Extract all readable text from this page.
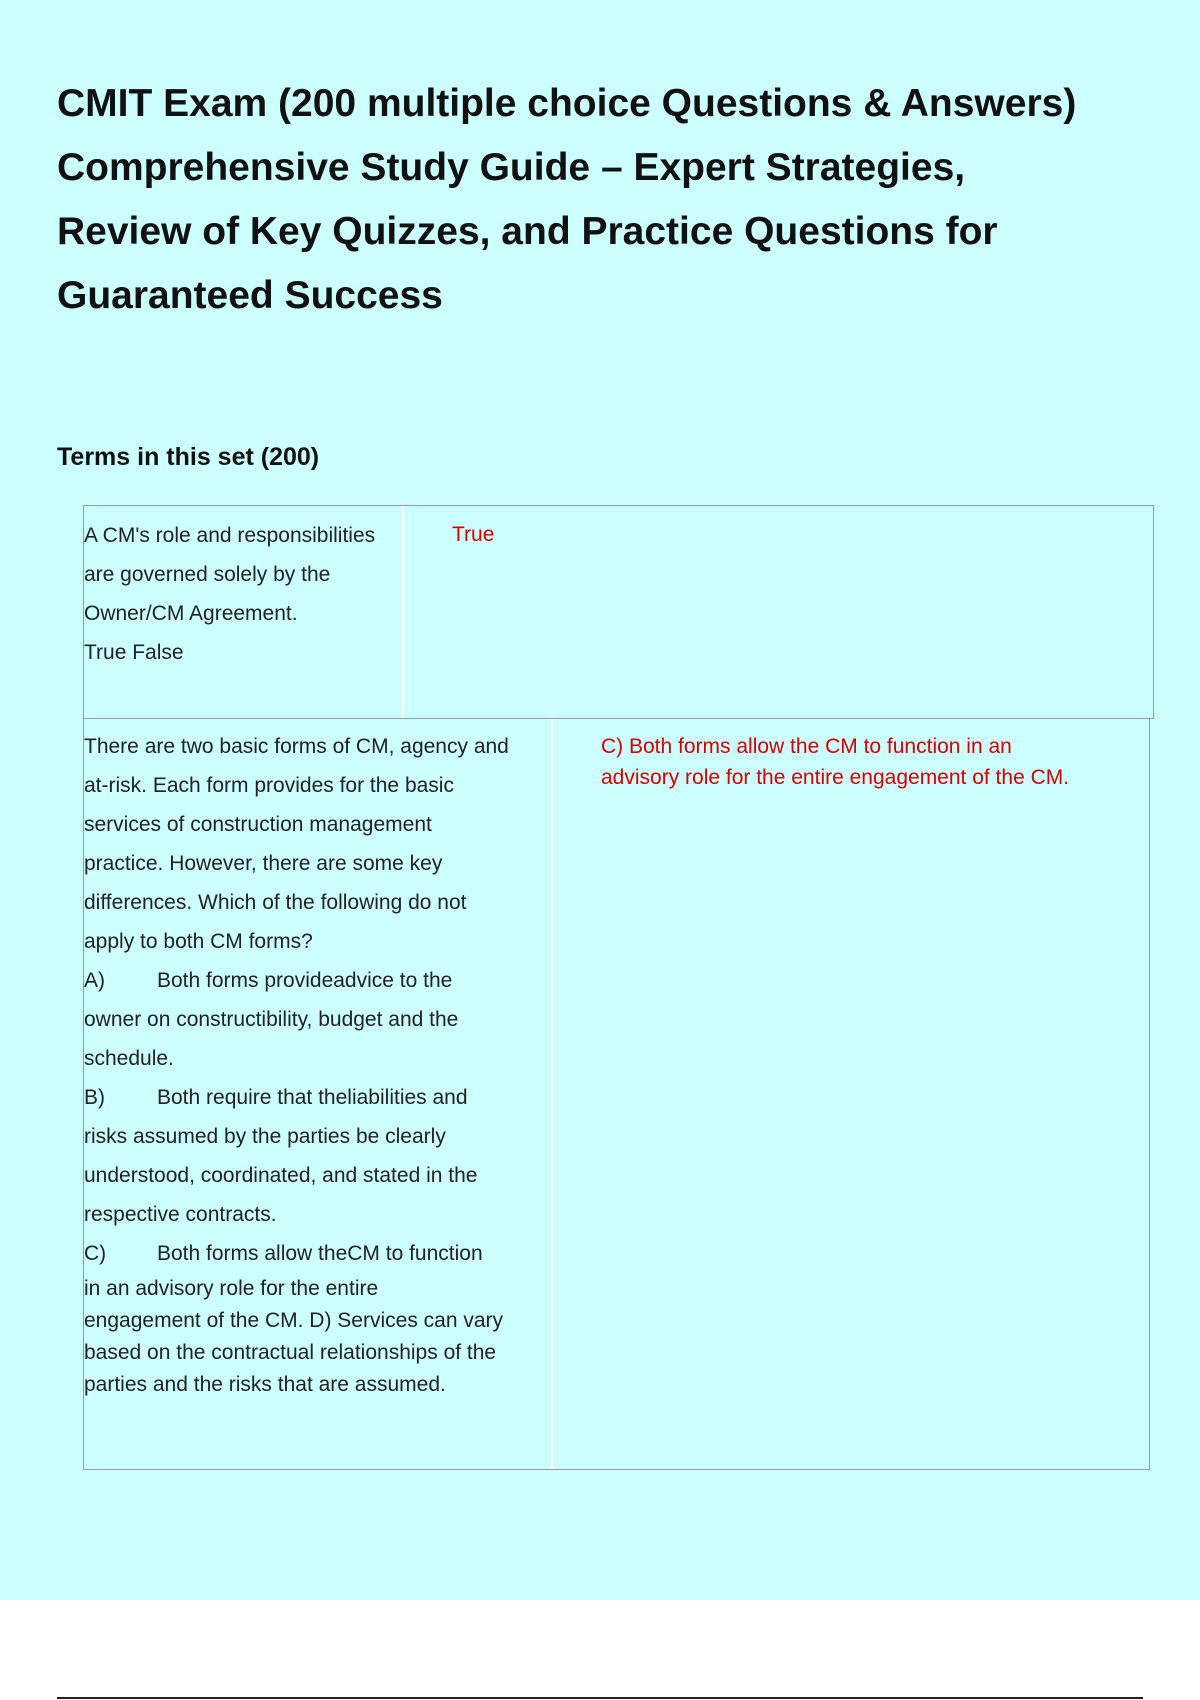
CMIT Exam (200 multiple choice Questions & Answers) Comprehensive Study Guide – Expert Strategies, Review of Key Quizzes, and Practice Questions for Guaranteed Success
Terms in this set (200)
A CM's role and responsibilities
are governed solely by the
Owner/CM Agreement.
True False
True
There are two basic forms of CM, agency and
at-risk. Each form provides for the basic
services of construction management
practice. However, there are some key
differences. Which of the following do not
apply to both CM forms?
A) Both forms provideadvice to the
owner on constructibility, budget and the
schedule.
B) Both require that theliabilities and
risks assumed by the parties be clearly
understood, coordinated, and stated in the
respective contracts.
C) Both forms allow theCM to function
in an advisory role for the entire
engagement of the CM. D) Services can vary
based on the contractual relationships of the
parties and the risks that are assumed.
C) Both forms allow the CM to function in an advisory role for the entire engagement of the CM.
